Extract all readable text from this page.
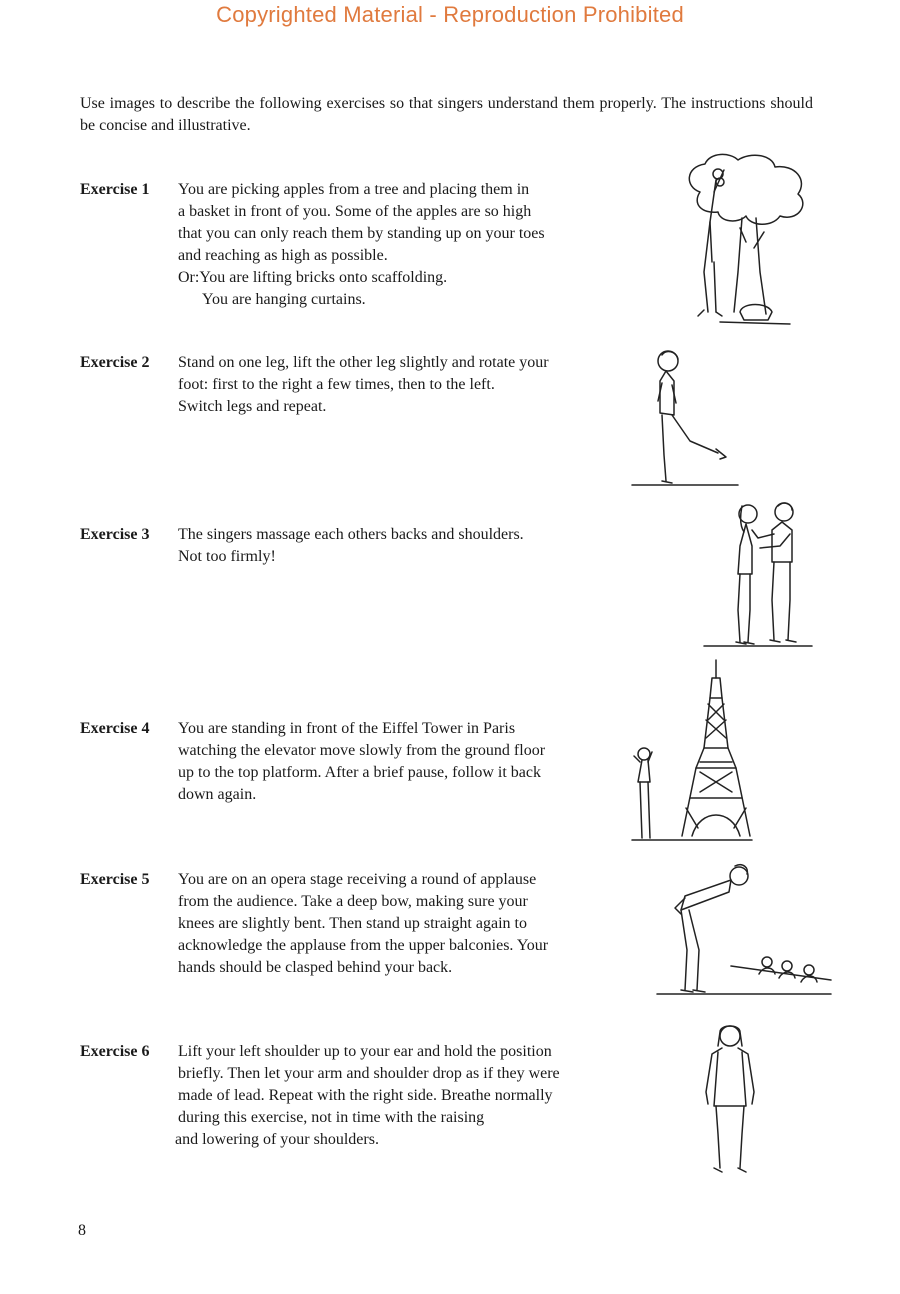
Copyrighted Material - Reproduction Prohibited
Use images to describe the following exercises so that singers understand them properly. The instructions should be concise and illustrative.
Exercise 1 You are picking apples from a tree and placing them in
a basket in front of you. Some of the apples are so high
that you can only reach them by standing up on your toes
and reaching as high as possible.
Or:You are lifting bricks onto scaffolding.
You are hanging curtains.
Exercise 2 Stand on one leg, lift the other leg slightly and rotate your
foot: first to the right a few times, then to the left.
Switch legs and repeat.
Exercise 3 The singers massage each others backs and shoulders.
Not too firmly!
Exercise 4 You are standing in front of the Eiffel Tower in Paris
watching the elevator move slowly from the ground floor
up to the top platform. After a brief pause, follow it back
down again.
Exercise 5 You are on an opera stage receiving a round of applause
from the audience. Take a deep bow, making sure your
knees are slightly bent. Then stand up straight again to
acknowledge the applause from the upper balconies. Your
hands should be clasped behind your back.
Exercise 6 Lift your left shoulder up to your ear and hold the position
briefly. Then let your arm and shoulder drop as if they were
made of lead. Repeat with the right side. Breathe normally
during this exercise, not in time with the raising
and lowering of your shoulders.
8
